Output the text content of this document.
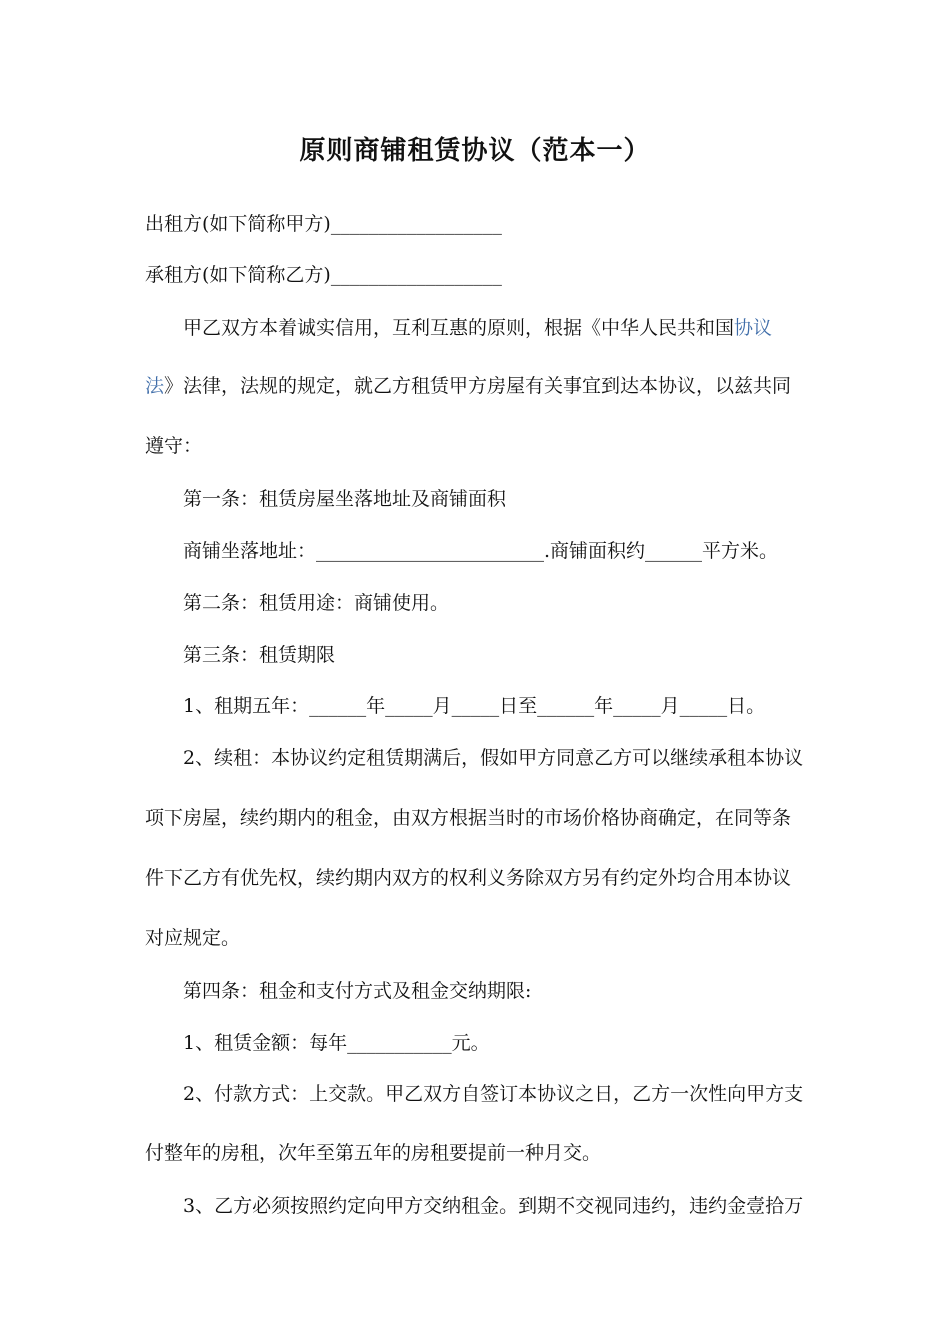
原则商铺租赁协议（范本一）
出租方(如下简称甲方)__________________
承租方(如下简称乙方)__________________
甲乙双方本着诚实信用，互利互惠的原则，根据《中华人民共和国协议
法》法律，法规的规定，就乙方租赁甲方房屋有关事宜到达本协议，以兹共同
遵守：
第一条：租赁房屋坐落地址及商铺面积
商铺坐落地址：________________________.商铺面积约______平方米。
第二条：租赁用途：商铺使用。
第三条：租赁期限
1、租期五年：______年_____月_____日至______年_____月_____日。
2、续租：本协议约定租赁期满后，假如甲方同意乙方可以继续承租本协议
项下房屋，续约期内的租金，由双方根据当时的市场价格协商确定，在同等条
件下乙方有优先权，续约期内双方的权利义务除双方另有约定外均合用本协议
对应规定。
第四条：租金和支付方式及租金交纳期限:
1、租赁金额：每年___________元。
2、付款方式：上交款。甲乙双方自签订本协议之日，乙方一次性向甲方支
付整年的房租，次年至第五年的房租要提前一种月交。
3、乙方必须按照约定向甲方交纳租金。到期不交视同违约，违约金壹拾万
